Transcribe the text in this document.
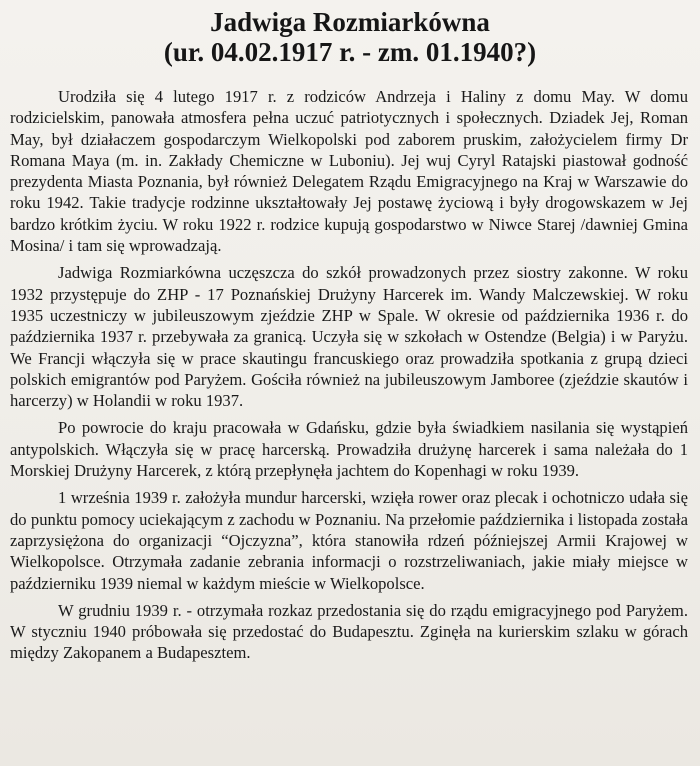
Jadwiga Rozmiarkówna
(ur. 04.02.1917 r. - zm. 01.1940?)

Urodziła się 4 lutego 1917 r. z rodziców Andrzeja i Haliny z domu May. W domu rodzicielskim, panowała atmosfera pełna uczuć patriotycznych i społecznych. Dziadek Jej, Roman May, był działaczem gospodarczym Wielkopolski pod zaborem pruskim, założycielem firmy Dr Romana Maya (m. in. Zakłady Chemiczne w Luboniu). Jej wuj Cyryl Ratajski piastował godność prezydenta Miasta Poznania, był również Delegatem Rządu Emigracyjnego na Kraj w Warszawie do roku 1942. Takie tradycje rodzinne ukształtowały Jej postawę życiową i były drogowskazem w Jej bardzo krótkim życiu. W roku 1922 r. rodzice kupują gospodarstwo w Niwce Starej /dawniej Gmina Mosina/ i tam się wprowadzają.

Jadwiga Rozmiarkówna uczęszcza do szkół prowadzonych przez siostry zakonne. W roku 1932 przystępuje do ZHP - 17 Poznańskiej Drużyny Harcerek im. Wandy Malczewskiej. W roku 1935 uczestniczy w jubileuszowym zjeździe ZHP w Spale. W okresie od października 1936 r. do października 1937 r. przebywała za granicą. Uczyła się w szkołach w Ostendze (Belgia) i w Paryżu. We Francji włączyła się w prace skautingu francuskiego oraz prowadziła spotkania z grupą dzieci polskich emigrantów pod Paryżem. Gościła również na jubileuszowym Jamboree (zjeździe skautów i harcerzy) w Holandii w roku 1937.

Po powrocie do kraju pracowała w Gdańsku, gdzie była świadkiem nasilania się wystąpień antypolskich. Włączyła się w pracę harcerską. Prowadziła drużynę harcerek i sama należała do 1 Morskiej Drużyny Harcerek, z którą przepłynęła jachtem do Kopenhagi w roku 1939.

1 września 1939 r. założyła mundur harcerski, wzięła rower oraz plecak i ochotniczo udała się do punktu pomocy uciekającym z zachodu w Poznaniu. Na przełomie października i listopada została zaprzysiężona do organizacji “Ojczyzna”, która stanowiła rdzeń późniejszej Armii Krajowej w Wielkopolsce. Otrzymała zadanie zebrania informacji o rozstrzeliwaniach, jakie miały miejsce w październiku 1939 niemal w każdym mieście w Wielkopolsce.

W grudniu 1939 r. - otrzymała rozkaz przedostania się do rządu emigracyjnego pod Paryżem. W styczniu 1940 próbowała się przedostać do Budapesztu. Zginęła na kurierskim szlaku w górach między Zakopanem a Budapesztem.
